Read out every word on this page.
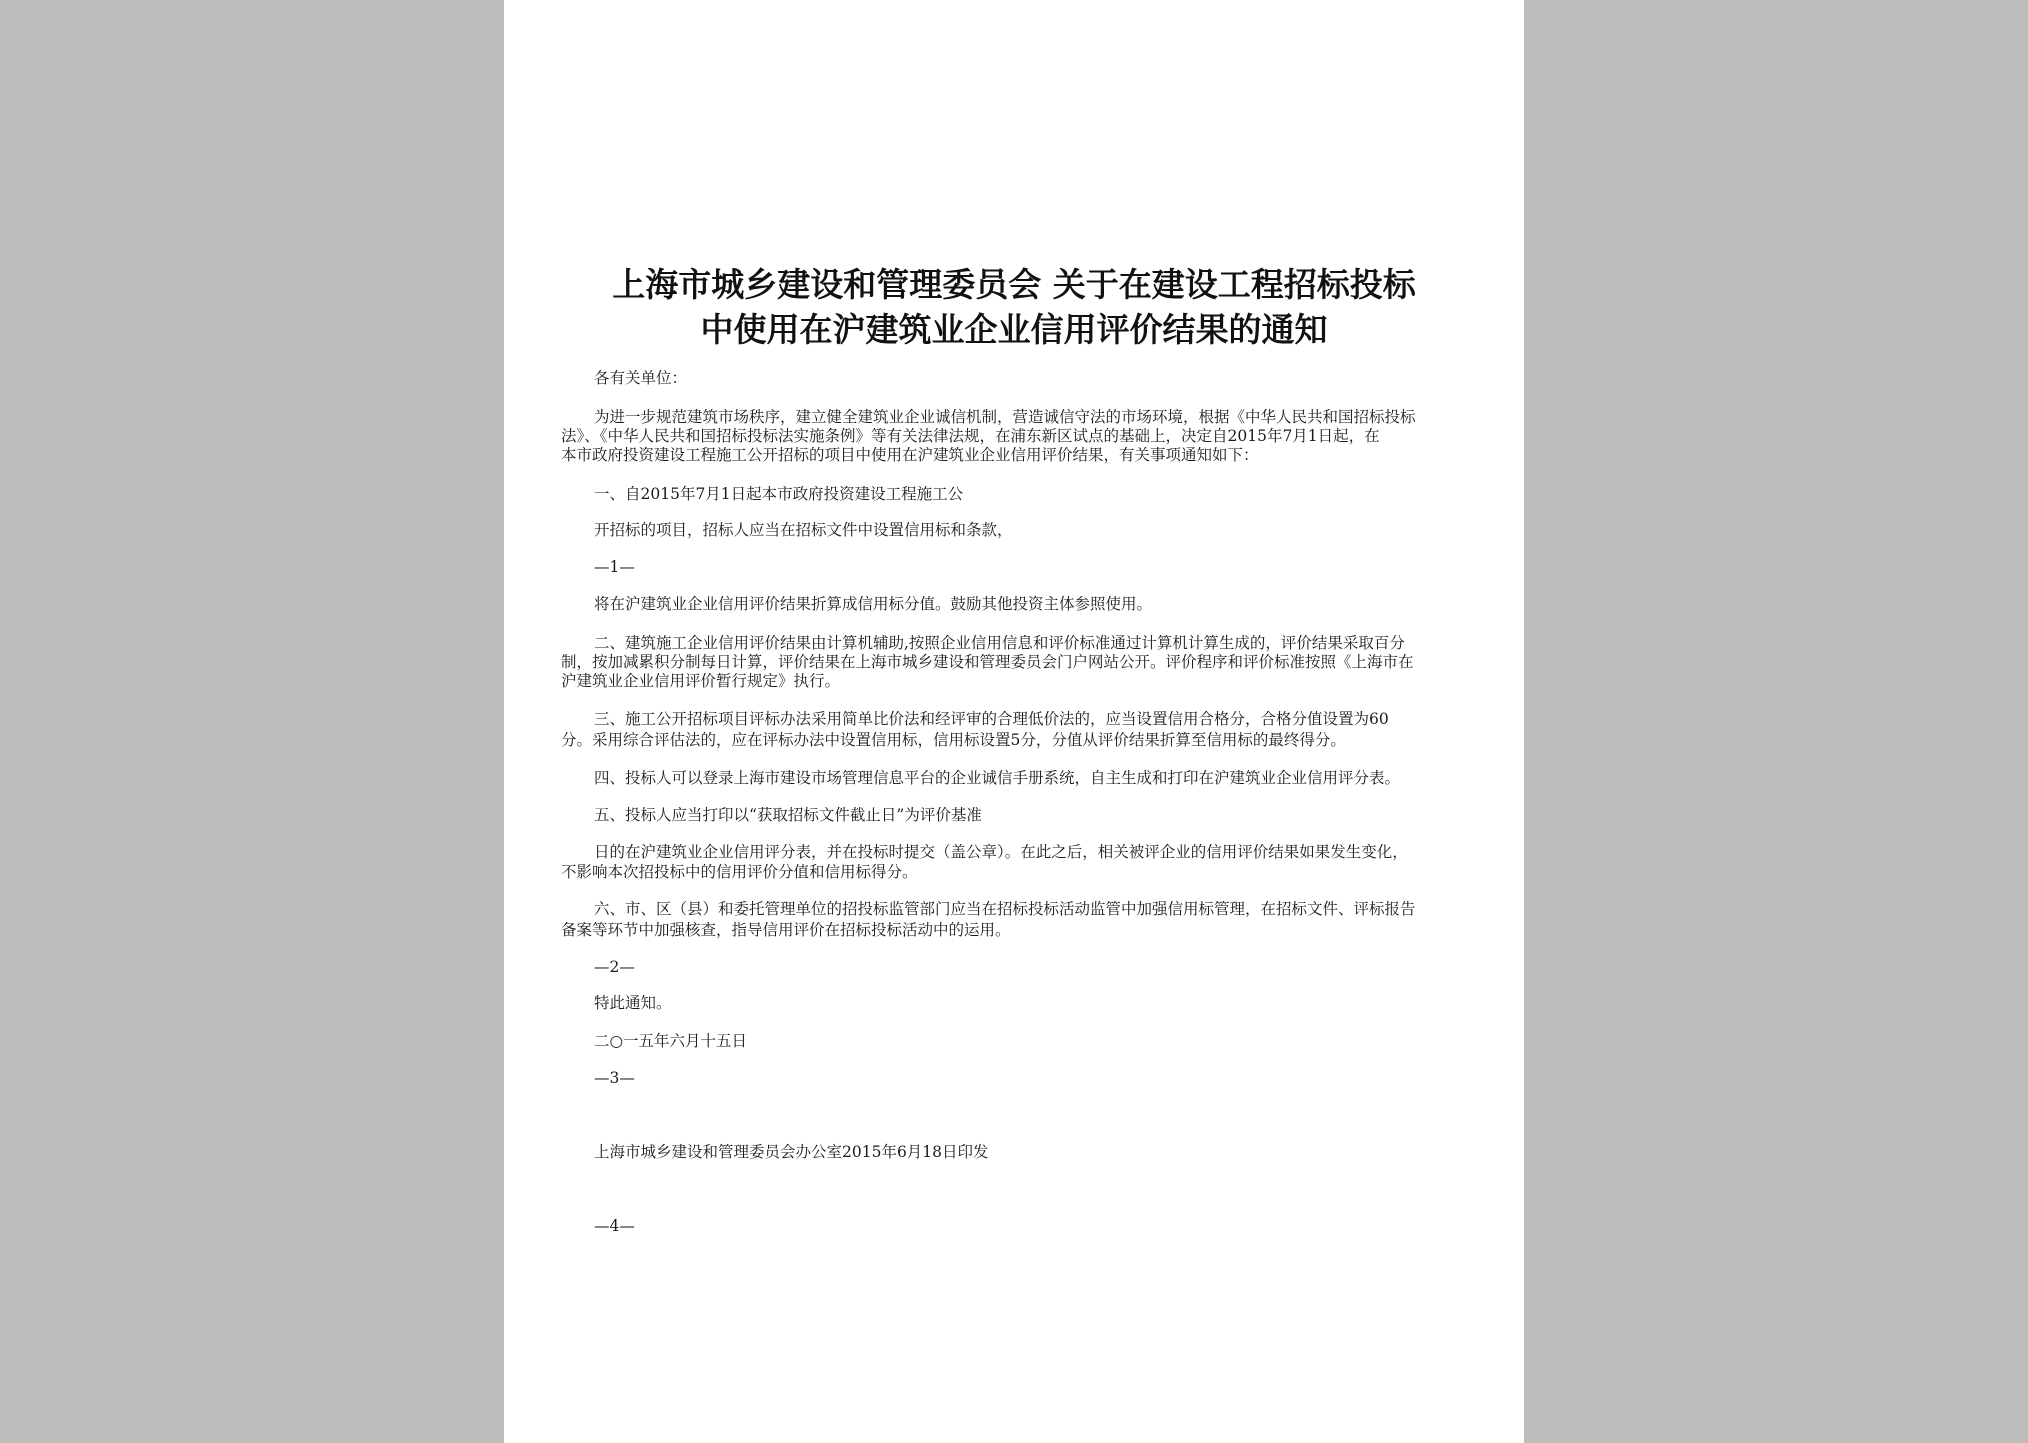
上海市城乡建设和管理委员会 关于在建设工程招标投标
中使用在沪建筑业企业信用评价结果的通知

各有关单位：

为进一步规范建筑市场秩序，建立健全建筑业企业诚信机制，营造诚信守法的市场环境，根据《中华人民共和国招标投标

法》、《中华人民共和国招标投标法实施条例》等有关法律法规，在浦东新区试点的基础上，决定自2015年7月1日起，在

本市政府投资建设工程施工公开招标的项目中使用在沪建筑业企业信用评价结果，有关事项通知如下：

一、自2015年7月1日起本市政府投资建设工程施工公

开招标的项目，招标人应当在招标文件中设置信用标和条款，

—1—

将在沪建筑业企业信用评价结果折算成信用标分值。鼓励其他投资主体参照使用。

二、建筑施工企业信用评价结果由计算机辅助,按照企业信用信息和评价标准通过计算机计算生成的，评价结果采取百分

制，按加减累积分制每日计算，评价结果在上海市城乡建设和管理委员会门户网站公开。评价程序和评价标准按照《上海市在

沪建筑业企业信用评价暂行规定》执行。

三、施工公开招标项目评标办法采用简单比价法和经评审的合理低价法的，应当设置信用合格分，合格分值设置为60

分。采用综合评估法的，应在评标办法中设置信用标，信用标设置5分，分值从评价结果折算至信用标的最终得分。

四、投标人可以登录上海市建设市场管理信息平台的企业诚信手册系统，自主生成和打印在沪建筑业企业信用评分表。

五、投标人应当打印以“获取招标文件截止日”为评价基准

日的在沪建筑业企业信用评分表，并在投标时提交（盖公章）。在此之后，相关被评企业的信用评价结果如果发生变化，

不影响本次招投标中的信用评价分值和信用标得分。

六、市、区（县）和委托管理单位的招投标监管部门应当在招标投标活动监管中加强信用标管理，在招标文件、评标报告

备案等环节中加强核查，指导信用评价在招标投标活动中的运用。

—2—

特此通知。

二○一五年六月十五日

—3—

上海市城乡建设和管理委员会办公室2015年6月18日印发

—4—
